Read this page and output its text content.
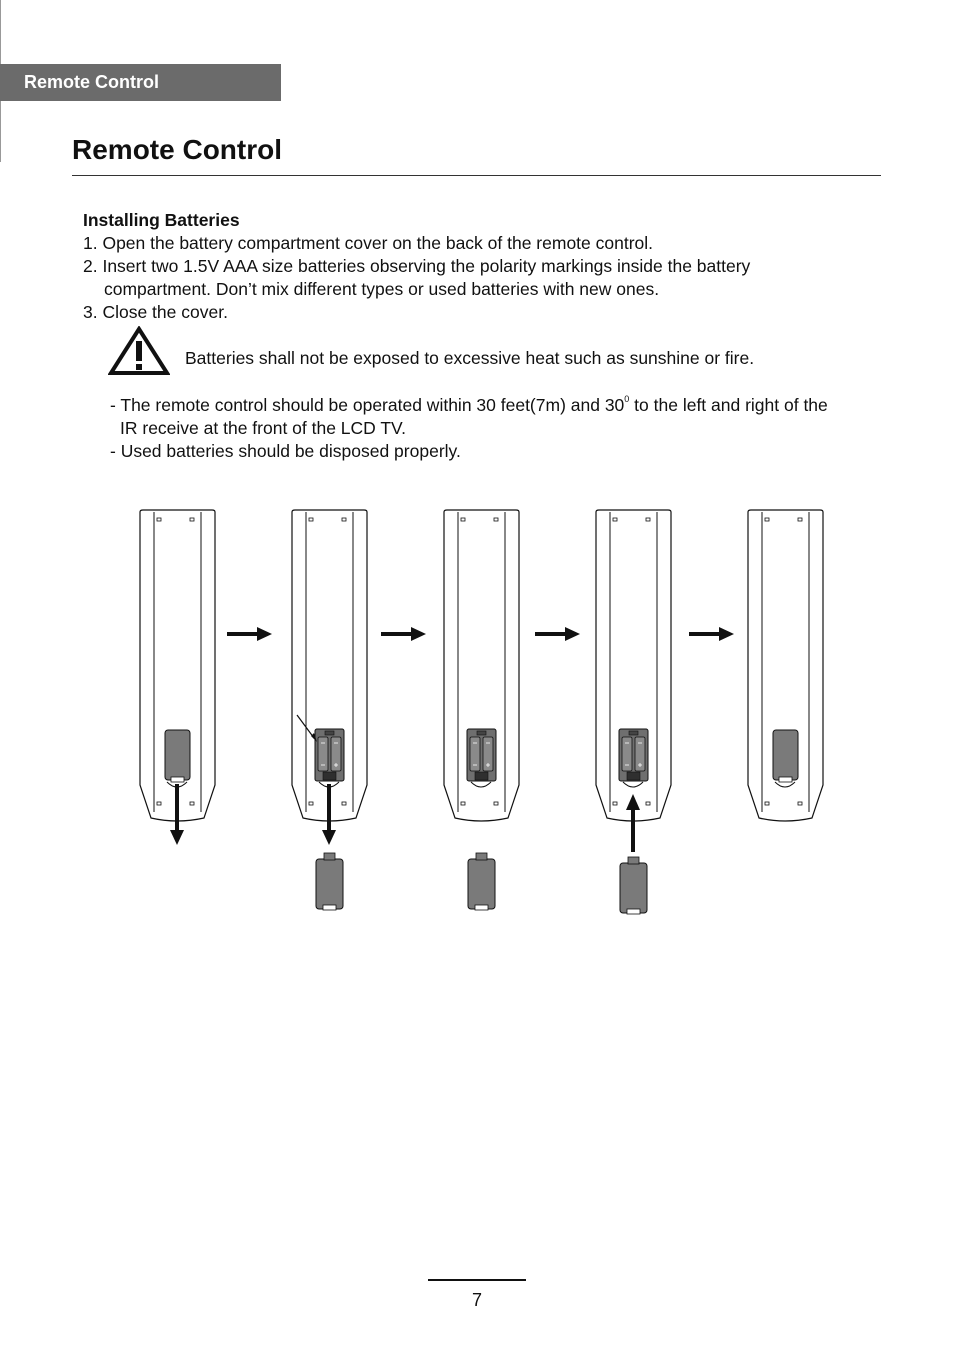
Remote Control
Remote Control
Installing Batteries
1. Open the battery compartment cover on the back of the remote control.
2. Insert two 1.5V AAA size batteries observing the polarity markings inside the battery
compartment. Don’t mix different types or used batteries with new ones.
3. Close the cover.
Batteries shall not be exposed to excessive heat such as sunshine or fire.
- The remote control should be operated within 30 feet(7m) and $30^0$ to the left and right of the
IR receive at the front of the LCD TV.
- Used batteries should be disposed properly.
7
